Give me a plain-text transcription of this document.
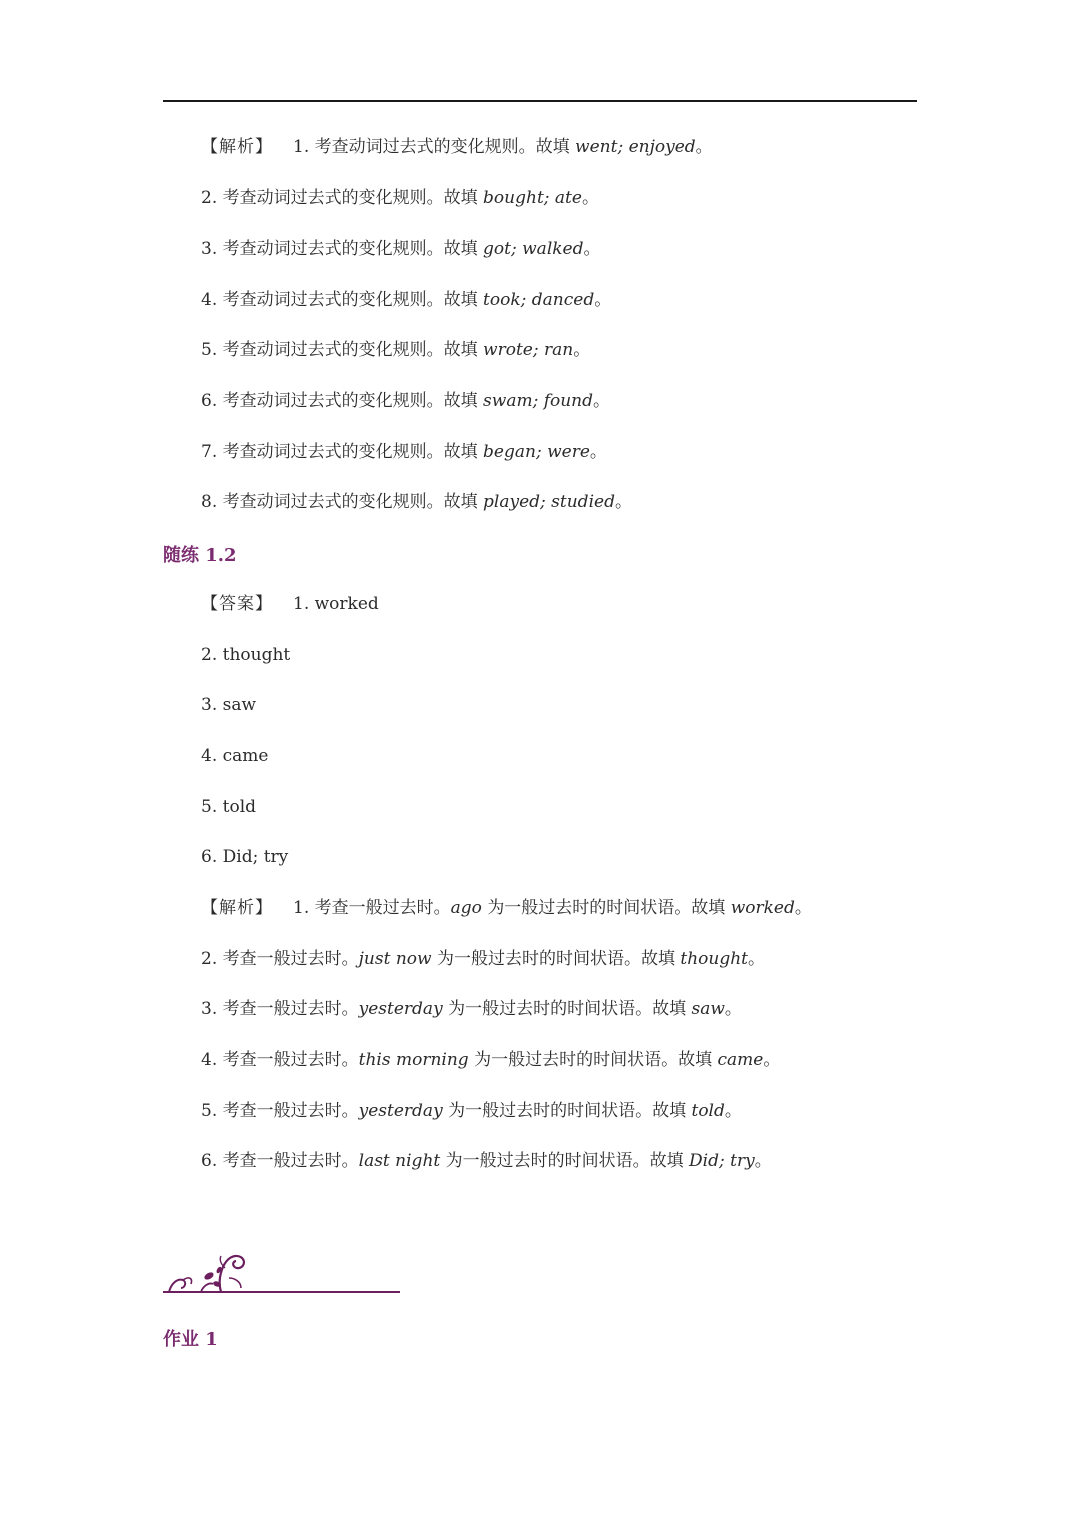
【解析】 1. 考查动词过去式的变化规则。故填 went; enjoyed。
2. 考查动词过去式的变化规则。故填 bought; ate。
3. 考查动词过去式的变化规则。故填 got; walked。
4. 考查动词过去式的变化规则。故填 took; danced。
5. 考查动词过去式的变化规则。故填 wrote; ran。
6. 考查动词过去式的变化规则。故填 swam; found。
7. 考查动词过去式的变化规则。故填 began; were。
8. 考查动词过去式的变化规则。故填 played; studied。
随练 1.2
【答案】 1. worked
2. thought
3. saw
4. came
5. told
6. Did; try
【解析】 1. 考查一般过去时。ago 为一般过去时的时间状语。故填 worked。
2. 考查一般过去时。just now 为一般过去时的时间状语。故填 thought。
3. 考查一般过去时。yesterday 为一般过去时的时间状语。故填 saw。
4. 考查一般过去时。this morning 为一般过去时的时间状语。故填 came。
5. 考查一般过去时。yesterday 为一般过去时的时间状语。故填 told。
6. 考查一般过去时。last night 为一般过去时的时间状语。故填 Did; try。
作业 1
